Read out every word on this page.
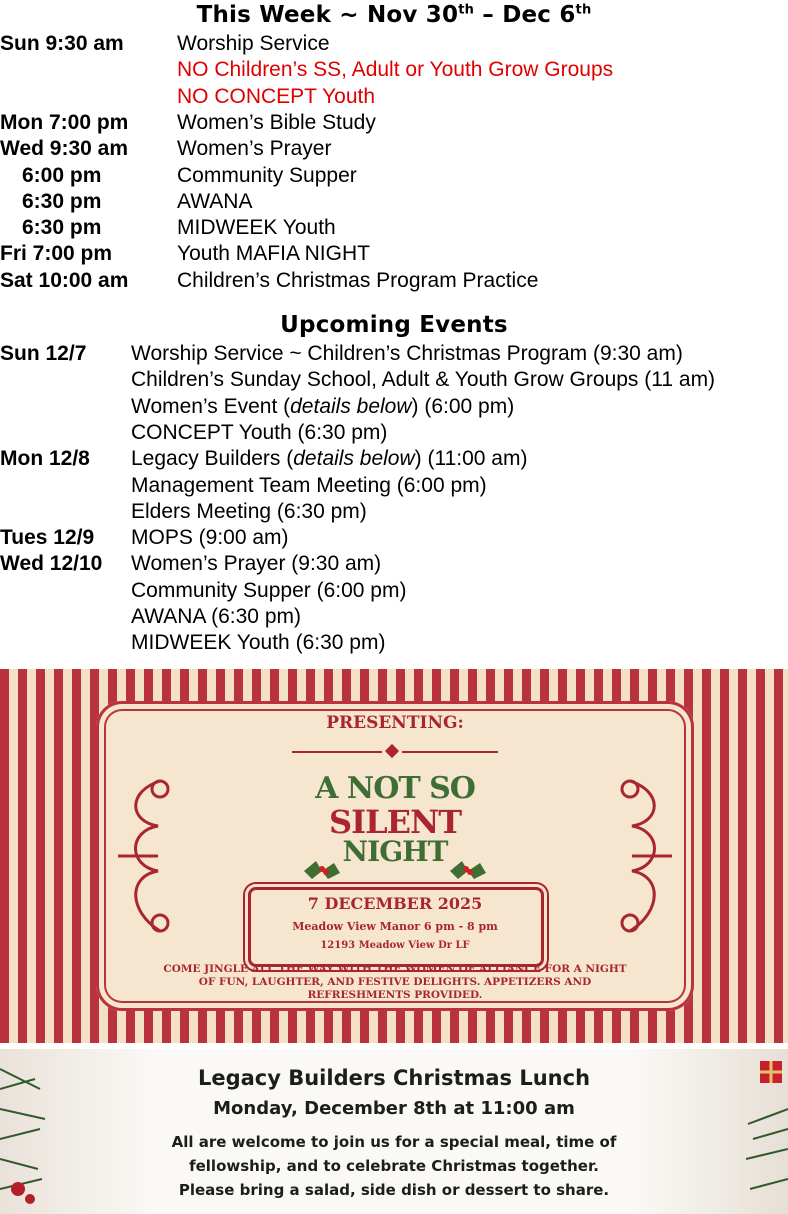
This Week ~ Nov 30th – Dec 6th
Sun 9:30 am	Worship Service
NO Children’s SS, Adult or Youth Grow Groups
NO CONCEPT Youth
Mon 7:00 pm Women’s Bible Study
Wed 9:30 am Women’s Prayer
6:00 pm	Community Supper
6:30 pm	AWANA
6:30 pm	MIDWEEK Youth
Fri 7:00 pm	Youth MAFIA NIGHT
Sat 10:00 am Children’s Christmas Program Practice
Upcoming Events
Sun 12/7 Worship Service ~ Children’s Christmas Program (9:30 am)
Children’s Sunday School, Adult & Youth Grow Groups (11 am)
Women’s Event (details below) (6:00 pm)
CONCEPT Youth (6:30 pm)
Mon 12/8 Legacy Builders (details below) (11:00 am)
Management Team Meeting (6:00 pm)
Elders Meeting (6:30 pm)
Tues 12/9 MOPS (9:00 am)
Wed 12/10 Women’s Prayer (9:30 am)
Community Supper (6:00 pm)
AWANA (6:30 pm)
MIDWEEK Youth (6:30 pm)
PRESENTING:
A NOT SO
SILENT
NIGHT
7 DECEMBER 2025
Meadow View Manor 6 pm - 8 pm
12193 Meadow View Dr LF
COME JINGLE ALL THE WAY WITH THE WOMEN OF ALLIANCE FOR A NIGHT OF FUN, LAUGHTER, AND FESTIVE DELIGHTS. APPETIZERS AND REFRESHMENTS PROVIDED.
Legacy Builders Christmas Lunch
Monday, December 8th at 11:00 am
All are welcome to join us for a special meal, time of
fellowship, and to celebrate Christmas together.
Please bring a salad, side dish or dessert to share.
